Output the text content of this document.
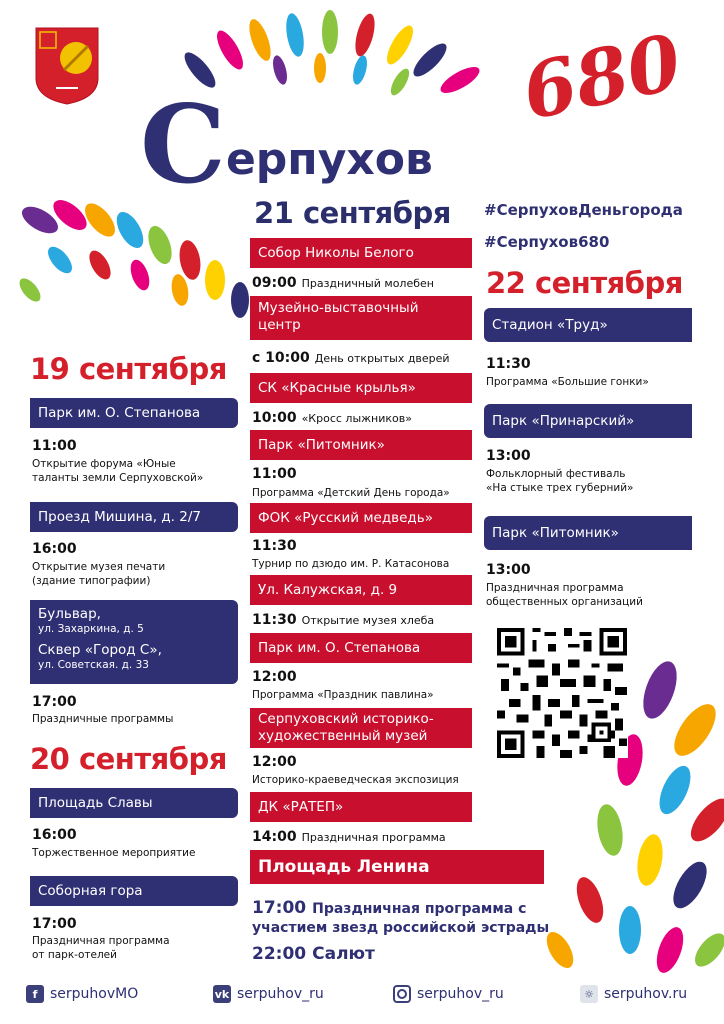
Серпухов
680
#СерпуховДеньгорода
#Серпухов680
19 сентября
Парк им. О. Степанова
11:00
Открытие форума «Юные
таланты земли Серпуховской»
Проезд Мишина, д. 2/7
16:00
Открытие музея печати
(здание типографии)
Бульвар,
ул. Захаркина, д. 5
Сквер «Город С»,
ул. Советская. д. 33
17:00
Праздничные программы
20 сентября
Площадь Славы
16:00
Торжественное мероприятие
Соборная гора
17:00
Праздничная программа
от парк-отелей
21 сентября
Собор Николы Белого
09:00 Праздничный молебен
Музейно-выставочный
центр
с 10:00 День открытых дверей
СК «Красные крылья»
10:00 «Кросс лыжников»
Парк «Питомник»
11:00
Программа «Детский День города»
ФОК «Русский медведь»
11:30
Турнир по дзюдо им. Р. Катасонова
Ул. Калужская, д. 9
11:30 Открытие музея хлеба
Парк им. О. Степанова
12:00
Программа «Праздник павлина»
Серпуховский историко-
художественный музей
12:00
Историко-краеведческая экспозиция
ДК «РАТЕП»
14:00 Праздничная программа
Площадь Ленина
17:00 Праздничная программа с
участием звезд российской эстрады
22:00 Салют
22 сентября
Стадион «Труд»
11:30
Программа «Большие гонки»
Парк «Принарский»
13:00
Фольклорный фестиваль
«На стыке трех губерний»
Парк «Питомник»
13:00
Праздничная программа
общественных организаций
f serpuhovMO	vk serpuhov_ru	serpuhov_ru	☼ serpuhov.ru
